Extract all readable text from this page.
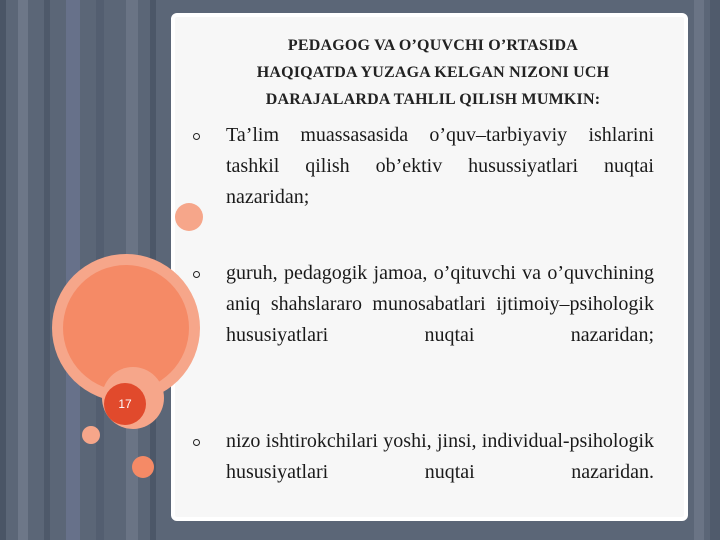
17
PEDAGOG VA O’QUVCHI O’RTASIDA
HAQIQATDA YUZAGA KELGAN NIZONI UCH
DARAJALARDA TAHLIL QILISH MUMKIN:
Ta’lim muassasasida o’quv–tarbiyaviy ishlarini tashkil qilish ob’ektiv husussiyatlari nuqtai nazaridan;
guruh, pedagogik jamoa, o’qituvchi va o’quvchining aniq shahslararo munosabatlari ijtimoiy–psihologik hususiyatlari nuqtai nazaridan;
nizo ishtirokchilari yoshi, jinsi, individual-psihologik hususiyatlari nuqtai nazaridan.
